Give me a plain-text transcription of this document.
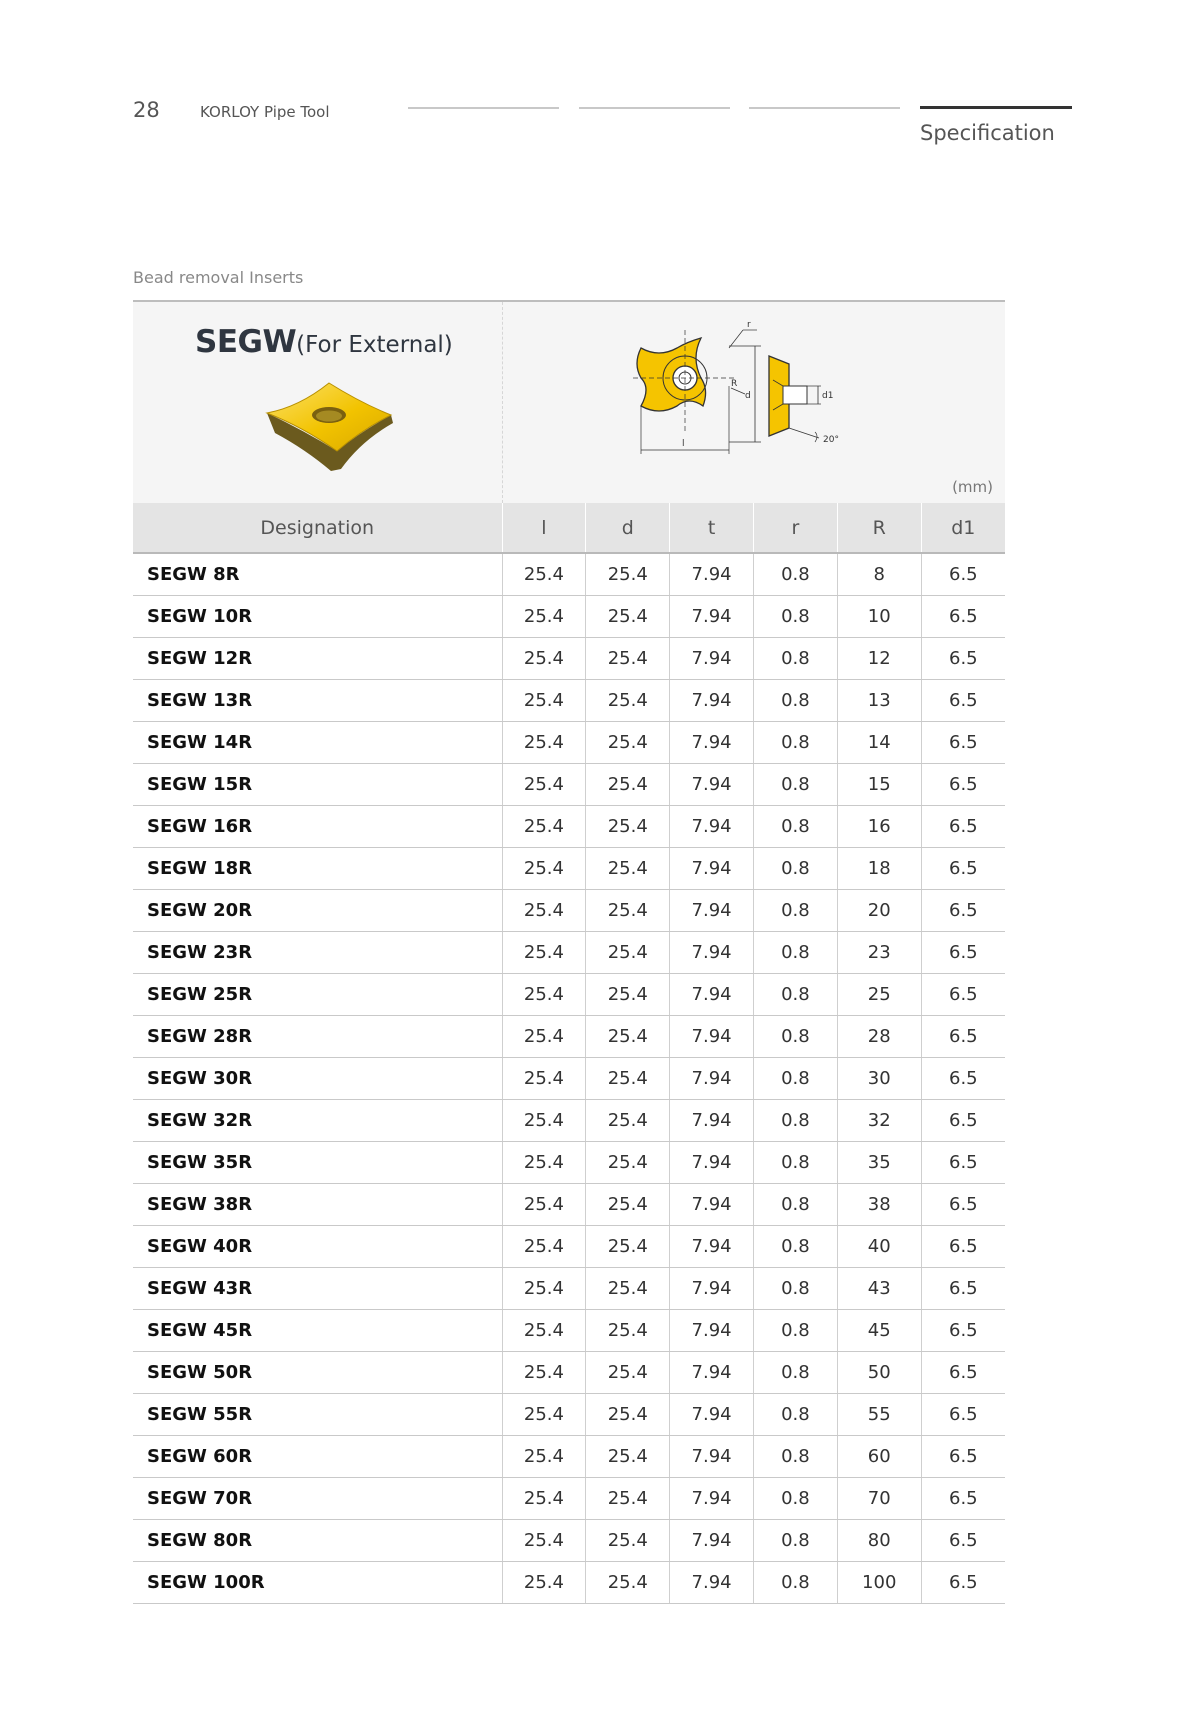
28	KORLOY Pipe Tool
Specification
Bead removal Inserts
SEGW(For External)
l
d
R
r
d1
20°
(mm)
Designation	l	d	t	r	R	d1
SEGW 8R	25.4	25.4	7.94	0.8	8	6.5
SEGW 10R	25.4	25.4	7.94	0.8	10	6.5
SEGW 12R	25.4	25.4	7.94	0.8	12	6.5
SEGW 13R	25.4	25.4	7.94	0.8	13	6.5
SEGW 14R	25.4	25.4	7.94	0.8	14	6.5
SEGW 15R	25.4	25.4	7.94	0.8	15	6.5
SEGW 16R	25.4	25.4	7.94	0.8	16	6.5
SEGW 18R	25.4	25.4	7.94	0.8	18	6.5
SEGW 20R	25.4	25.4	7.94	0.8	20	6.5
SEGW 23R	25.4	25.4	7.94	0.8	23	6.5
SEGW 25R	25.4	25.4	7.94	0.8	25	6.5
SEGW 28R	25.4	25.4	7.94	0.8	28	6.5
SEGW 30R	25.4	25.4	7.94	0.8	30	6.5
SEGW 32R	25.4	25.4	7.94	0.8	32	6.5
SEGW 35R	25.4	25.4	7.94	0.8	35	6.5
SEGW 38R	25.4	25.4	7.94	0.8	38	6.5
SEGW 40R	25.4	25.4	7.94	0.8	40	6.5
SEGW 43R	25.4	25.4	7.94	0.8	43	6.5
SEGW 45R	25.4	25.4	7.94	0.8	45	6.5
SEGW 50R	25.4	25.4	7.94	0.8	50	6.5
SEGW 55R	25.4	25.4	7.94	0.8	55	6.5
SEGW 60R	25.4	25.4	7.94	0.8	60	6.5
SEGW 70R	25.4	25.4	7.94	0.8	70	6.5
SEGW 80R	25.4	25.4	7.94	0.8	80	6.5
SEGW 100R	25.4	25.4	7.94	0.8	100	6.5
